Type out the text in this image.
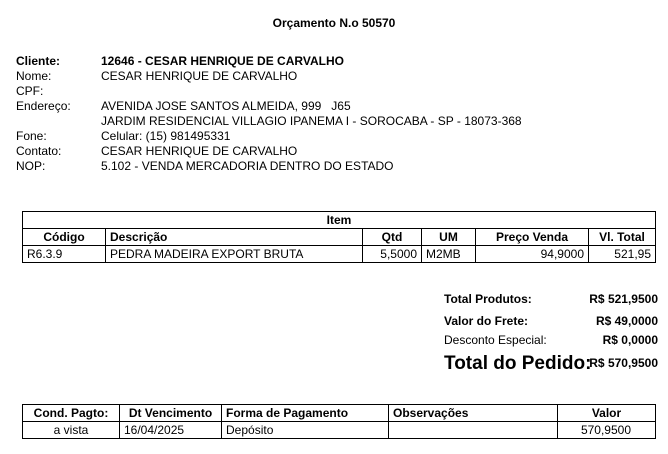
Orçamento N.o 50570
Cliente:	12646 - CESAR HENRIQUE DE CARVALHO
Nome:	CESAR HENRIQUE DE CARVALHO
CPF:
Endereço:	AVENIDA JOSE SANTOS ALMEIDA, 999   J65
JARDIM RESIDENCIAL VILLAGIO IPANEMA I - SOROCABA - SP - 18073-368
Fone:	Celular: (15) 981495331
Contato:	CESAR HENRIQUE DE CARVALHO
NOP:	5.102 - VENDA MERCADORIA DENTRO DO ESTADO
Item					
Código	Descrição	Qtd	UM	Preço Venda	Vl. Total
R6.3.9	PEDRA MADEIRA EXPORT BRUTA	5,5000	M2MB	94,9000	521,95
Total Produtos:	R$ 521,9500
Valor do Frete:	R$ 49,0000
Desconto Especial:	R$ 0,0000
Total do Pedido:
R$ 570,9500
Cond. Pagto:	Dt Vencimento	Forma de Pagamento	Observações	Valor
a vista	16/04/2025	Depósito		570,9500
